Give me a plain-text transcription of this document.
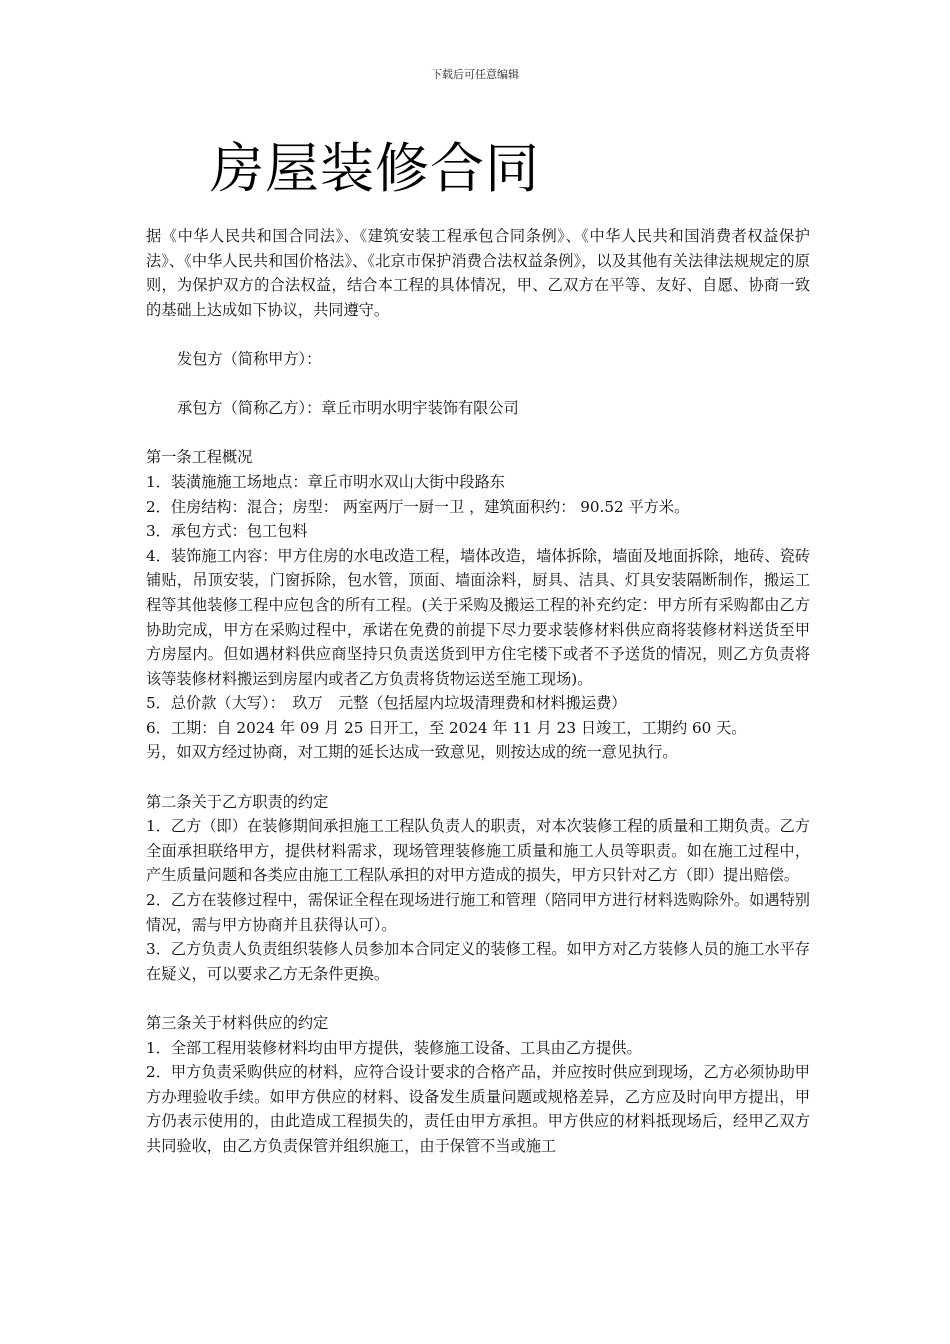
下载后可任意编辑
房屋装修合同

据《中华人民共和国合同法》、《建筑安装工程承包合同条例》、《中华人民共和国消费者权益保护法》、《中华人民共和国价格法》、《北京市保护消费合法权益条例》，以及其他有关法律法规规定的原则，为保护双方的合法权益，结合本工程的具体情况，甲、乙双方在平等、友好、自愿、协商一致的基础上达成如下协议，共同遵守。

发包方（简称甲方）：

承包方（简称乙方）：章丘市明水明宇装饰有限公司

第一条工程概况

1．装潢施施工场地点：章丘市明水双山大街中段路东

2．住房结构：混合；房型： 两室两厅一厨一卫 ，建筑面积约： 90.52 平方米。

3．承包方式：包工包料

4．装饰施工内容：甲方住房的水电改造工程，墙体改造，墙体拆除，墙面及地面拆除，地砖、瓷砖铺贴，吊顶安装，门窗拆除，包水管，顶面、墙面涂料，厨具、洁具、灯具安装隔断制作，搬运工程等其他装修工程中应包含的所有工程。(关于采购及搬运工程的补充约定：甲方所有采购都由乙方协助完成，甲方在采购过程中，承诺在免费的前提下尽力要求装修材料供应商将装修材料送货至甲方房屋内。但如遇材料供应商坚持只负责送货到甲方住宅楼下或者不予送货的情况，则乙方负责将该等装修材料搬运到房屋内或者乙方负责将货物运送至施工现场)。

5．总价款（大写）：　玖万　元整（包括屋内垃圾清理费和材料搬运费）

6．工期：自 2024 年 09 月 25 日开工，至 2024 年 11 月 23 日竣工，工期约 60 天。

另，如双方经过协商，对工期的延长达成一致意见，则按达成的统一意见执行。

第二条关于乙方职责的约定

1．乙方（即）在装修期间承担施工工程队负责人的职责，对本次装修工程的质量和工期负责。乙方全面承担联络甲方，提供材料需求，现场管理装修施工质量和施工人员等职责。如在施工过程中，产生质量问题和各类应由施工工程队承担的对甲方造成的损失，甲方只针对乙方（即）提出赔偿。

2．乙方在装修过程中，需保证全程在现场进行施工和管理（陪同甲方进行材料选购除外。如遇特别情况，需与甲方协商并且获得认可）。

3．乙方负责人负责组织装修人员参加本合同定义的装修工程。如甲方对乙方装修人员的施工水平存在疑义，可以要求乙方无条件更换。

第三条关于材料供应的约定

1．全部工程用装修材料均由甲方提供，装修施工设备、工具由乙方提供。

2．甲方负责采购供应的材料，应符合设计要求的合格产品，并应按时供应到现场，乙方必须协助甲方办理验收手续。如甲方供应的材料、设备发生质量问题或规格差异，乙方应及时向甲方提出，甲方仍表示使用的，由此造成工程损失的，责任由甲方承担。甲方供应的材料抵现场后，经甲乙双方共同验收，由乙方负责保管并组织施工，由于保管不当或施工
